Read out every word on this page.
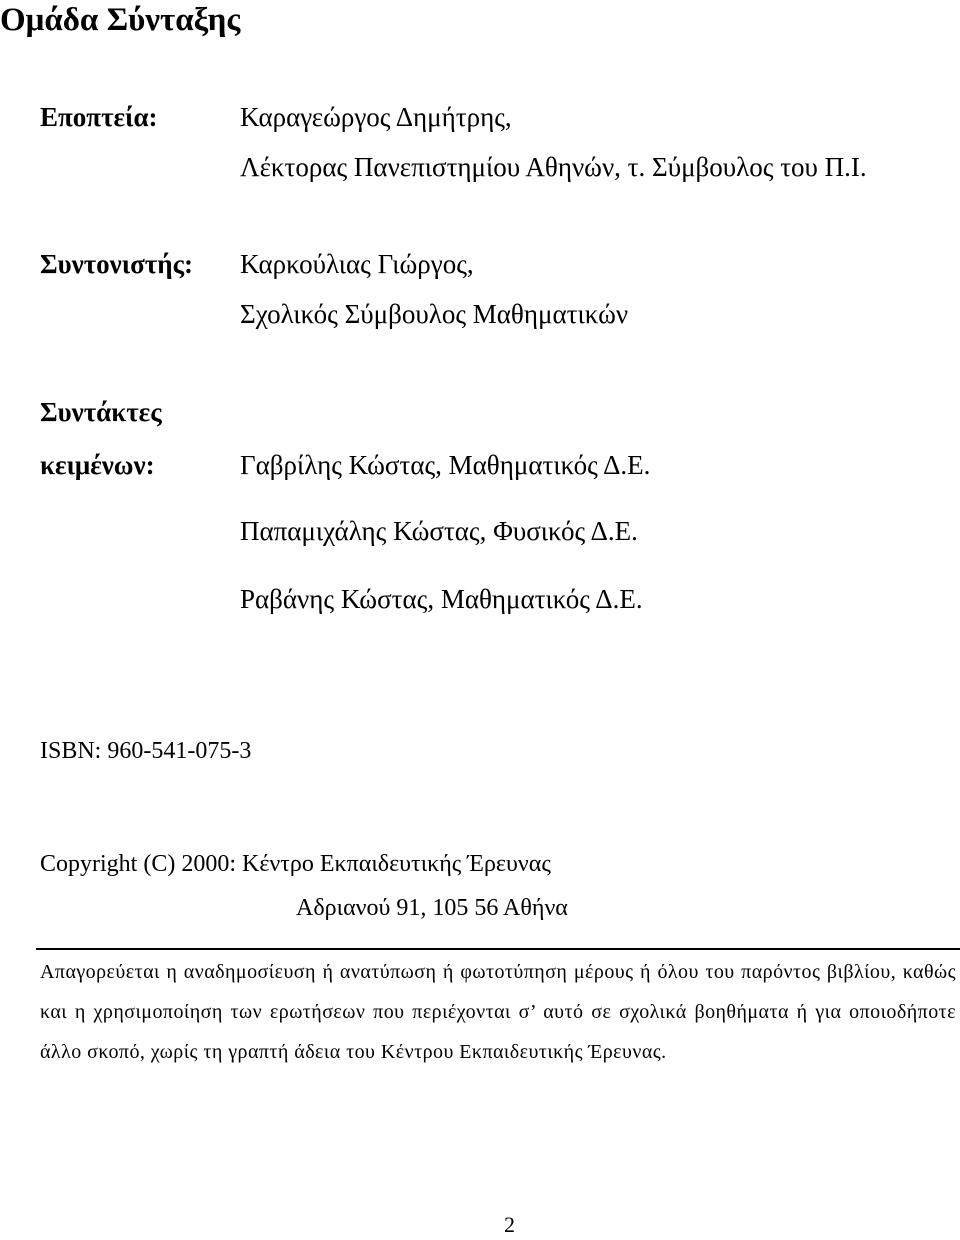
Ομάδα Σύνταξης
Εποπτεία:	Καραγεώργος Δημήτρης,
Λέκτορας Πανεπιστημίου Αθηνών, τ. Σύμβουλος του Π.Ι.
Συντονιστής: Καρκούλιας Γιώργος,
Σχολικός Σύμβουλος Μαθηματικών
Συντάκτες
κειμένων:	Γαβρίλης Κώστας, Μαθηματικός Δ.Ε.
Παπαμιχάλης Κώστας, Φυσικός Δ.Ε.
Ραβάνης Κώστας, Μαθηματικός Δ.Ε.
ISBN: 960-541-075-3
Copyright (C) 2000: Κέντρο Εκπαιδευτικής Έρευνας
Αδριανού 91, 105 56 Αθήνα
Απαγορεύεται η αναδημοσίευση ή ανατύπωση ή φωτοτύπηση μέρους ή όλου του παρόντος βιβλίου, καθώς και η χρησιμοποίηση των ερωτήσεων που περιέχονται σ’ αυτό σε σχολικά βοηθήματα ή για οποιοδήποτε άλλο σκοπό, χωρίς τη γραπτή άδεια του Κέντρου Εκπαιδευτικής Έρευνας.
2
